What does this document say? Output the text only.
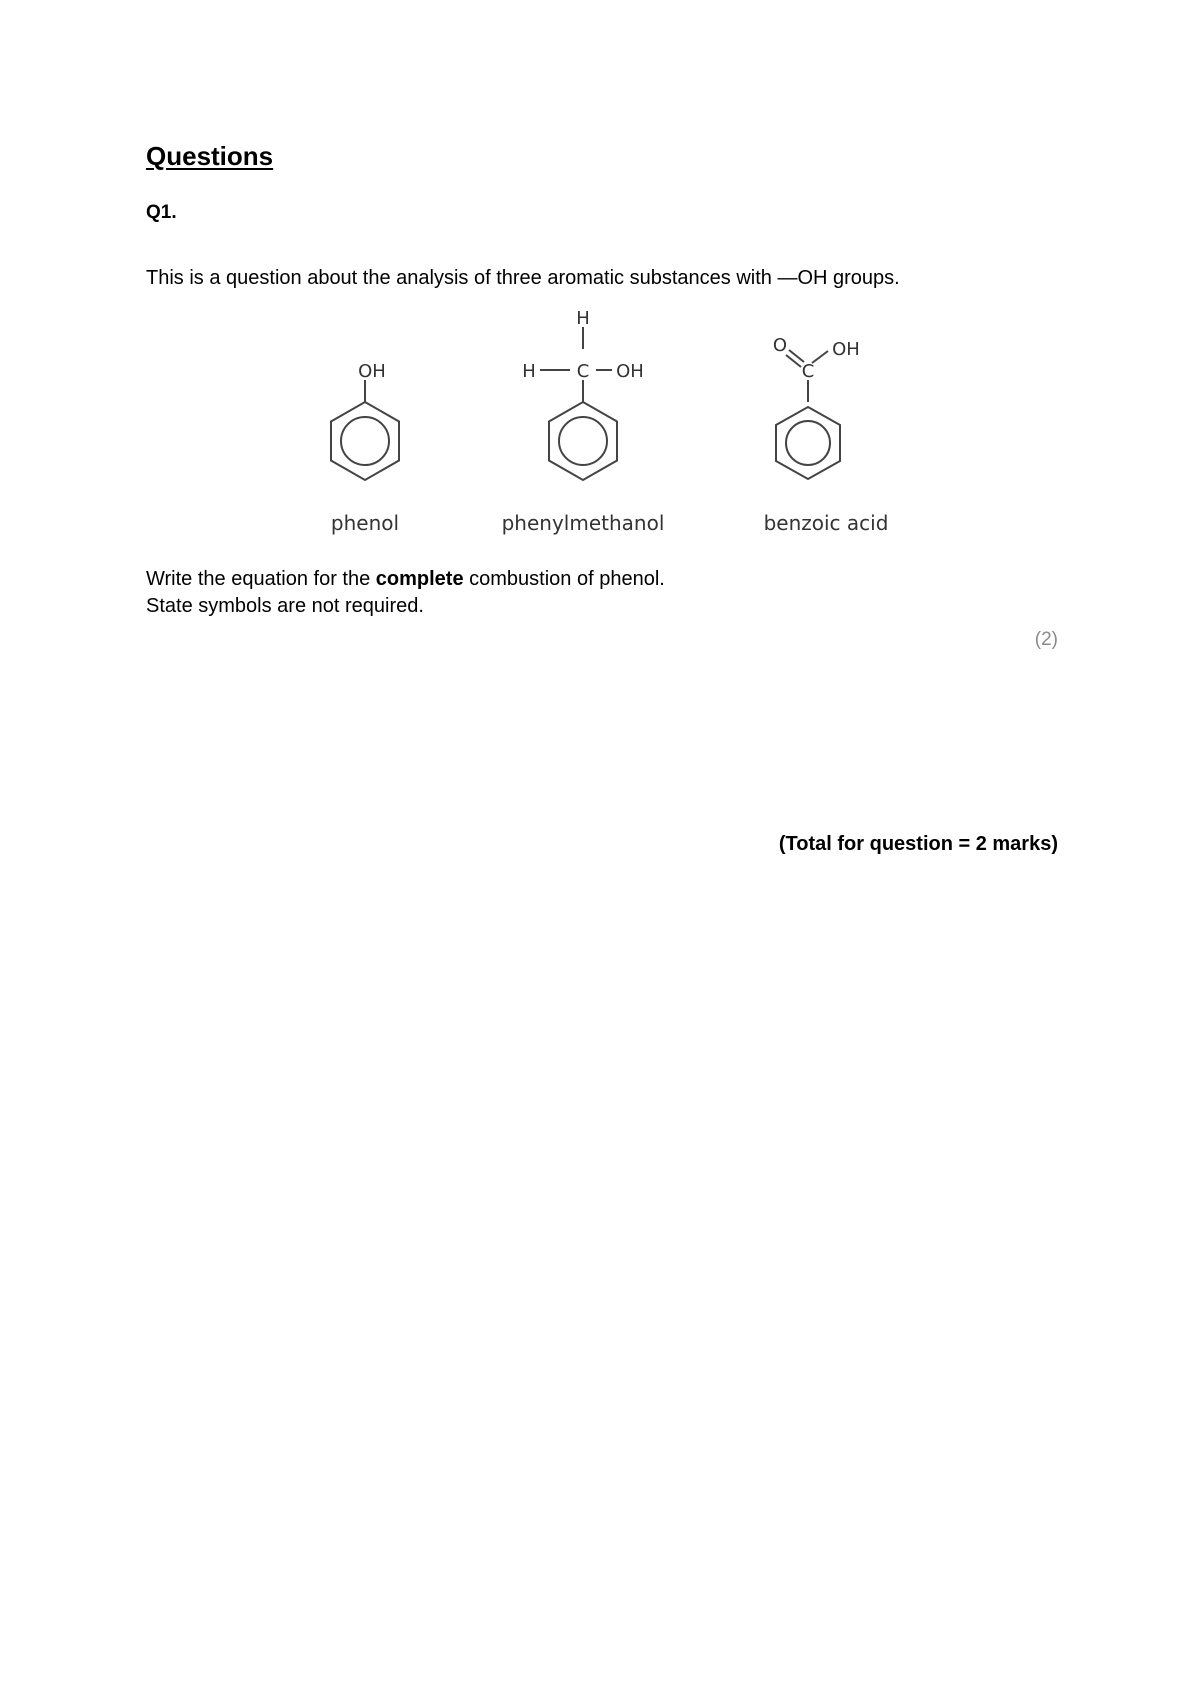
Questions
Q1.
This is a question about the analysis of three aromatic substances with —OH groups.
OH
H
H C OH
O	OH
C
phenol	phenylmethanol	benzoic acid
Write the equation for the complete combustion of phenol.
State symbols are not required.
(2)
(Total for question = 2 marks)
